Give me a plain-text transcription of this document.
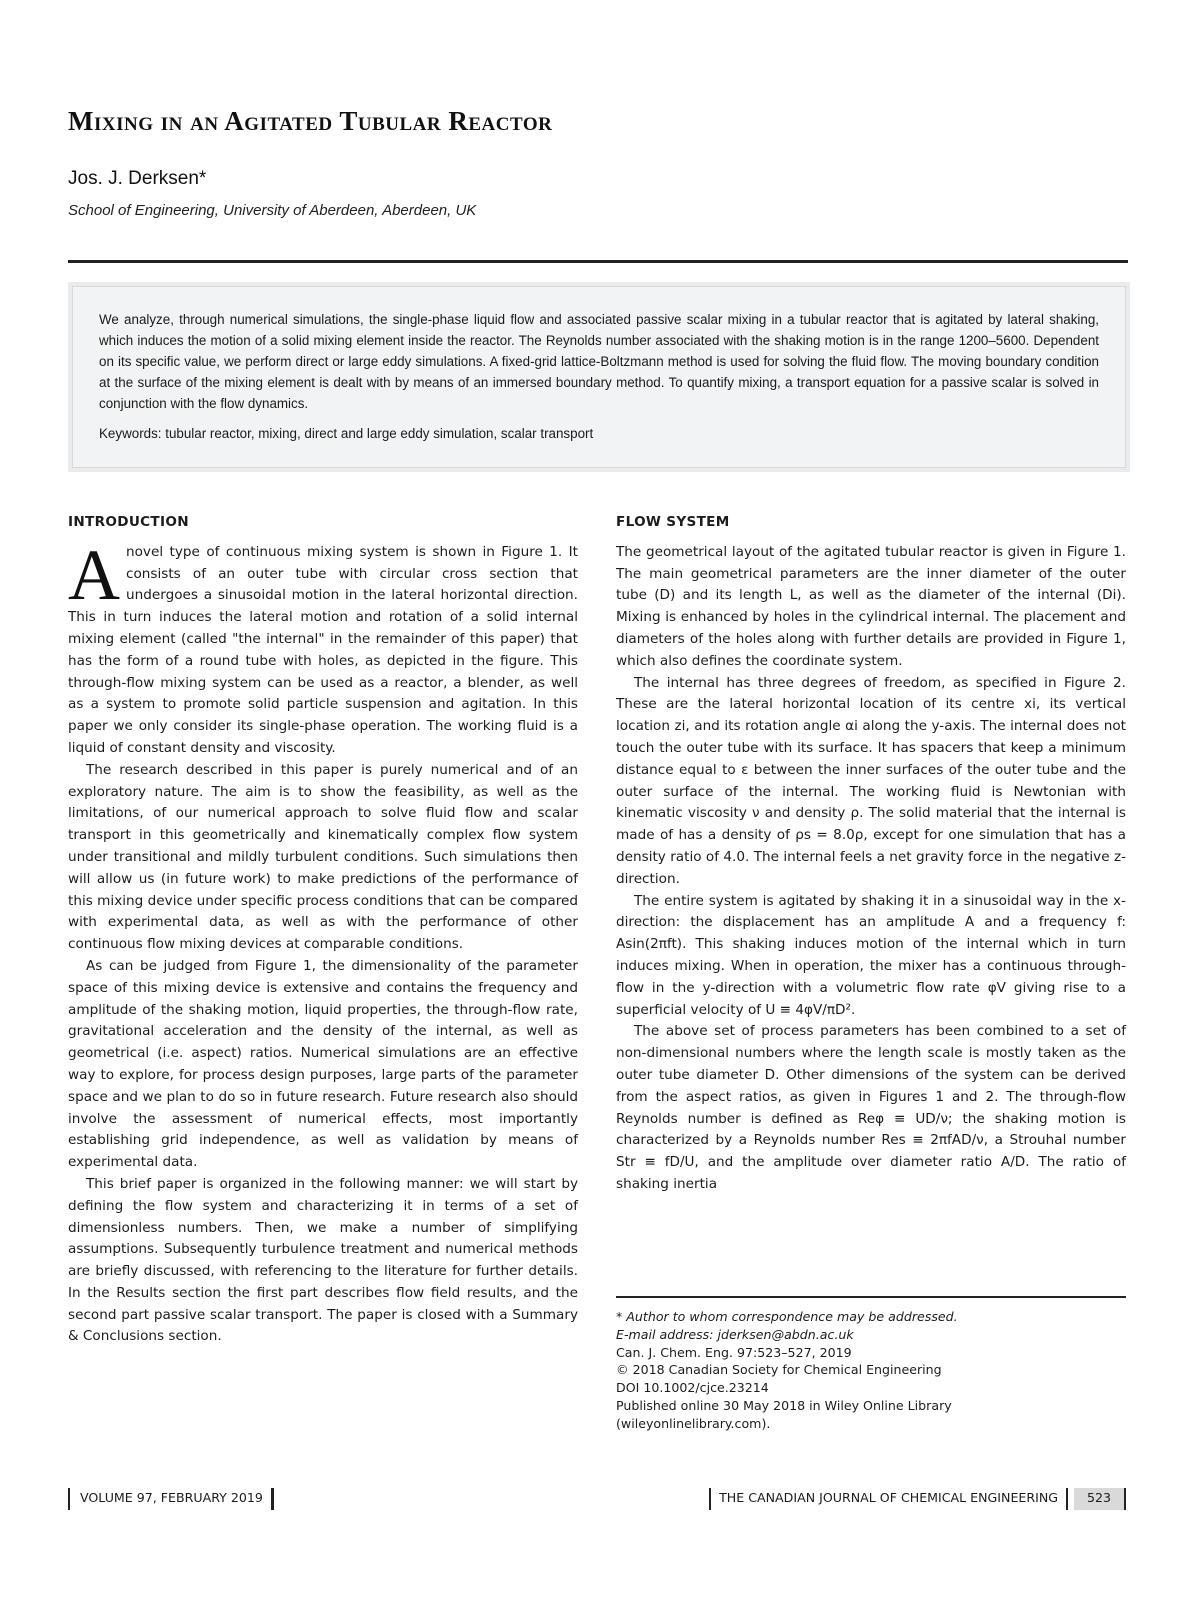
Mixing in an Agitated Tubular Reactor
Jos. J. Derksen*
School of Engineering, University of Aberdeen, Aberdeen, UK

We analyze, through numerical simulations, the single-phase liquid flow and associated passive scalar mixing in a tubular reactor that is agitated by lateral shaking, which induces the motion of a solid mixing element inside the reactor. The Reynolds number associated with the shaking motion is in the range 1200–5600. Dependent on its specific value, we perform direct or large eddy simulations. A fixed-grid lattice-Boltzmann method is used for solving the fluid flow. The moving boundary condition at the surface of the mixing element is dealt with by means of an immersed boundary method. To quantify mixing, a transport equation for a passive scalar is solved in conjunction with the flow dynamics.

Keywords: tubular reactor, mixing, direct and large eddy simulation, scalar transport

INTRODUCTION

Anovel type of continuous mixing system is shown in Figure 1. It consists of an outer tube with circular cross section that undergoes a sinusoidal motion in the lateral horizontal direction. This in turn induces the lateral motion and rotation of a solid internal mixing element (called "the internal" in the remainder of this paper) that has the form of a round tube with holes, as depicted in the figure. This through-flow mixing system can be used as a reactor, a blender, as well as a system to promote solid particle suspension and agitation. In this paper we only consider its single-phase operation. The working fluid is a liquid of constant density and viscosity.

The research described in this paper is purely numerical and of an exploratory nature. The aim is to show the feasibility, as well as the limitations, of our numerical approach to solve fluid flow and scalar transport in this geometrically and kinematically complex flow system under transitional and mildly turbulent conditions. Such simulations then will allow us (in future work) to make predictions of the performance of this mixing device under specific process conditions that can be compared with experimental data, as well as with the performance of other continuous flow mixing devices at comparable conditions.

As can be judged from Figure 1, the dimensionality of the parameter space of this mixing device is extensive and contains the frequency and amplitude of the shaking motion, liquid properties, the through-flow rate, gravitational acceleration and the density of the internal, as well as geometrical (i.e. aspect) ratios. Numerical simulations are an effective way to explore, for process design purposes, large parts of the parameter space and we plan to do so in future research. Future research also should involve the assessment of numerical effects, most importantly establishing grid independence, as well as validation by means of experimental data.

This brief paper is organized in the following manner: we will start by defining the flow system and characterizing it in terms of a set of dimensionless numbers. Then, we make a number of simplifying assumptions. Subsequently turbulence treatment and numerical methods are briefly discussed, with referencing to the literature for further details. In the Results section the first part describes flow field results, and the second part passive scalar transport. The paper is closed with a Summary & Conclusions section.

FLOW SYSTEM

The geometrical layout of the agitated tubular reactor is given in Figure 1. The main geometrical parameters are the inner diameter of the outer tube (D) and its length L, as well as the diameter of the internal (Di). Mixing is enhanced by holes in the cylindrical internal. The placement and diameters of the holes along with further details are provided in Figure 1, which also defines the coordinate system.

The internal has three degrees of freedom, as specified in Figure 2. These are the lateral horizontal location of its centre xi, its vertical location zi, and its rotation angle αi along the y-axis. The internal does not touch the outer tube with its surface. It has spacers that keep a minimum distance equal to ε between the inner surfaces of the outer tube and the outer surface of the internal. The working fluid is Newtonian with kinematic viscosity ν and density ρ. The solid material that the internal is made of has a density of ρs = 8.0ρ, except for one simulation that has a density ratio of 4.0. The internal feels a net gravity force in the negative z-direction.

The entire system is agitated by shaking it in a sinusoidal way in the x-direction: the displacement has an amplitude A and a frequency f: Asin(2πft). This shaking induces motion of the internal which in turn induces mixing. When in operation, the mixer has a continuous through-flow in the y-direction with a volumetric flow rate φV giving rise to a superficial velocity of U ≡ 4φV/πD².

The above set of process parameters has been combined to a set of non-dimensional numbers where the length scale is mostly taken as the outer tube diameter D. Other dimensions of the system can be derived from the aspect ratios, as given in Figures 1 and 2. The through-flow Reynolds number is defined as Reφ ≡ UD/ν; the shaking motion is characterized by a Reynolds number Res ≡ 2πfAD/ν, a Strouhal number Str ≡ fD/U, and the amplitude over diameter ratio A/D. The ratio of shaking inertia

* Author to whom correspondence may be addressed.
E-mail address: jderksen@abdn.ac.uk
Can. J. Chem. Eng. 97:523–527, 2019
© 2018 Canadian Society for Chemical Engineering
DOI 10.1002/cjce.23214
Published online 30 May 2018 in Wiley Online Library
(wileyonlinelibrary.com).
VOLUME 97, FEBRUARY 2019	THE CANADIAN JOURNAL OF CHEMICAL ENGINEERING	523
